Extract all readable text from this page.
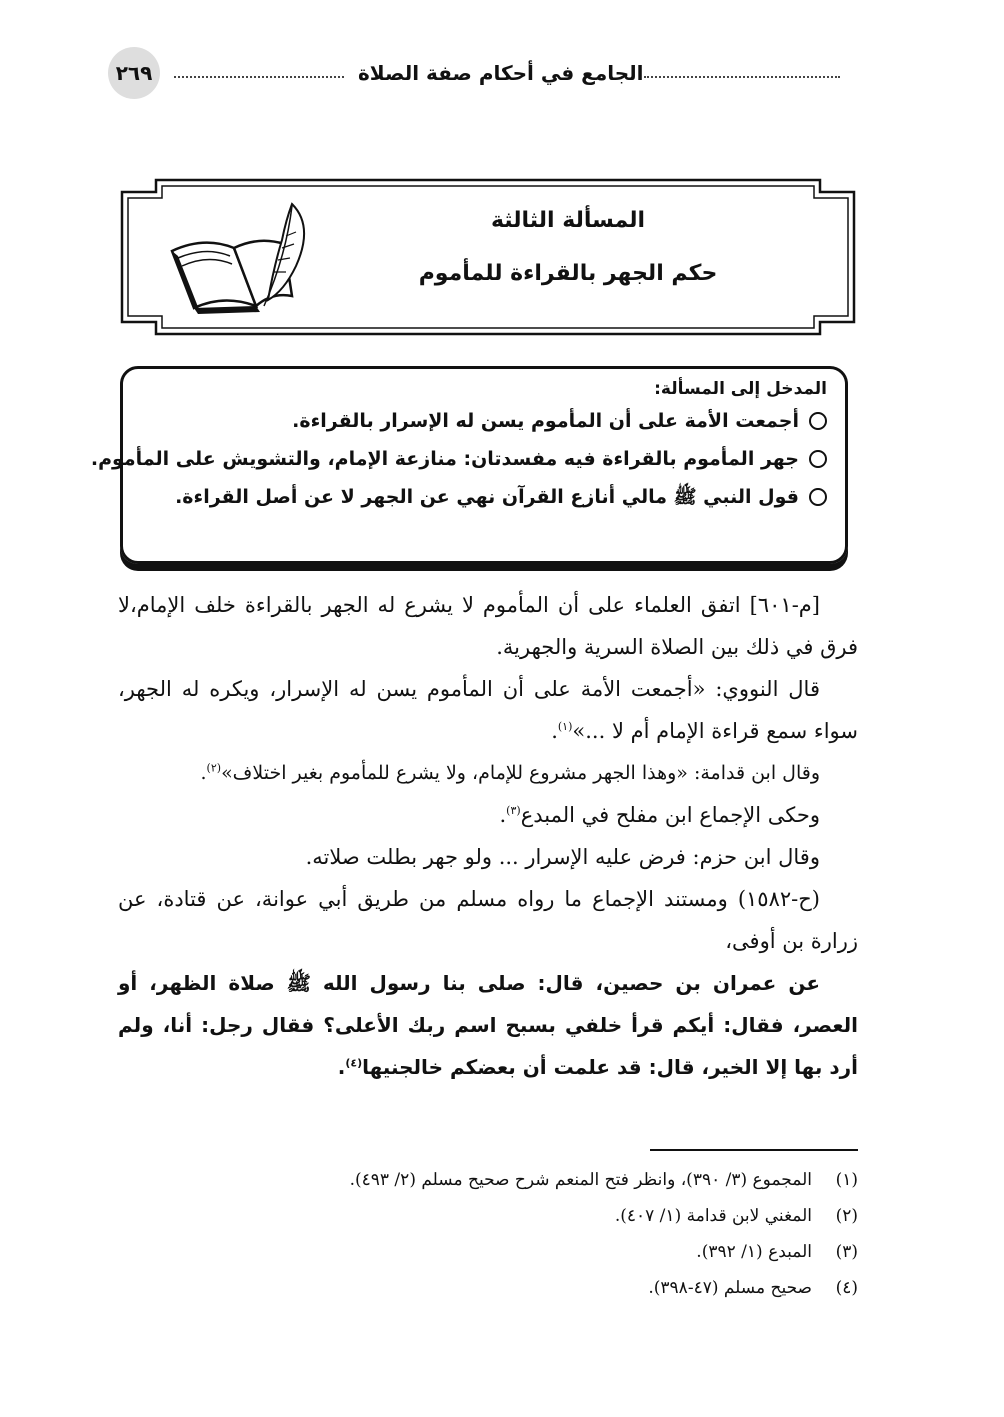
٢٦٩	الجامع في أحكام صفة الصلاة
المسألة الثالثة
حكم الجهر بالقراءة للمأموم
المدخل إلى المسألة:
أجمعت الأمة على أن المأموم يسن له الإسرار بالقراءة.
جهر المأموم بالقراءة فيه مفسدتان: منازعة الإمام، والتشويش على المأموم.
قول النبي ﷺ مالي أنازع القرآن نهي عن الجهر لا عن أصل القراءة.

[م-٦٠١] اتفق العلماء على أن المأموم لا يشرع له الجهر بالقراءة خلف الإمام،لا فرق في ذلك بين الصلاة السرية والجهرية.

قال النووي: «أجمعت الأمة على أن المأموم يسن له الإسرار، ويكره له الجهر، سواء سمع قراءة الإمام أم لا ...»$^{(١)}$.

وقال ابن قدامة: «وهذا الجهر مشروع للإمام، ولا يشرع للمأموم بغير اختلاف»$^{(٢)}$.

وحكى الإجماع ابن مفلح في المبدع$^{(٣)}$.

وقال ابن حزم: فرض عليه الإسرار ... ولو جهر بطلت صلاته.

(ح-١٥٨٢) ومستند الإجماع ما رواه مسلم من طريق أبي عوانة، عن قتادة، عن زرارة بن أوفى،

عن عمران بن حصين، قال: صلى بنا رسول الله ﷺ صلاة الظهر، أو العصر، فقال: أيكم قرأ خلفي بسبح اسم ربك الأعلى؟ فقال رجل: أنا، ولم أرد بها إلا الخير، قال: قد علمت أن بعضكم خالجنيها$^{(٤)}$.

(١)
المجموع (٣/ ٣٩٠)، وانظر فتح المنعم شرح صحيح مسلم (٢/ ٤٩٣).
(٢)
المغني لابن قدامة (١/ ٤٠٧).
(٣)
المبدع (١/ ٣٩٢).
(٤)
صحيح مسلم (٤٧-٣٩٨).
